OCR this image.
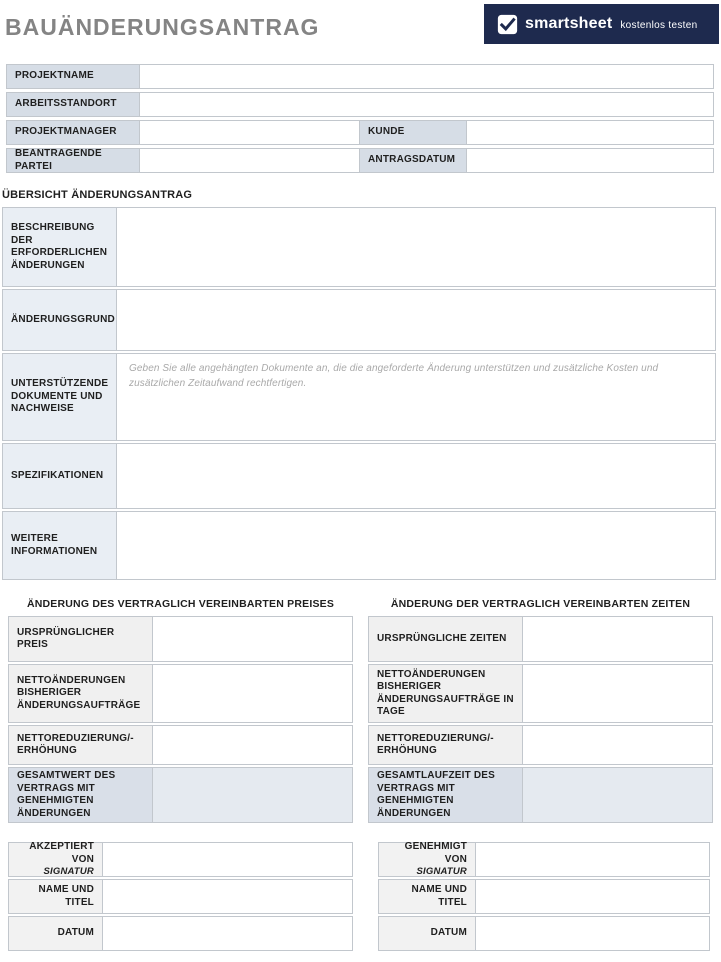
BAUÄNDERUNGSANTRAG	smartsheet kostenlos testen
PROJEKTNAME
ARBEITSSTANDORT
PROJEKTMANAGER	KUNDE
BEANTRAGENDE PARTEI
ANTRAGSDATUM
ÜBERSICHT ÄNDERUNGSANTRAG
BESCHREIBUNG DER ERFORDERLICHEN ÄNDERUNGEN
ÄNDERUNGSGRUND
UNTERSTÜTZENDE DOKUMENTE UND NACHWEISE
Geben Sie alle angehängten Dokumente an, die die angeforderte Änderung unterstützen und zusätzliche Kosten und zusätzlichen Zeitaufwand rechtfertigen.
SPEZIFIKATIONEN
WEITERE INFORMATIONEN
ÄNDERUNG DES VERTRAGLICH VEREINBARTEN PREISES
URSPRÜNGLICHER PREIS
NETTOÄNDERUNGEN BISHERIGER ÄNDERUNGSAUFTRÄGE
NETTOREDUZIERUNG/-ERHÖHUNG
GESAMTWERT DES VERTRAGS MIT GENEHMIGTEN ÄNDERUNGEN
ÄNDERUNG DER VERTRAGLICH VEREINBARTEN ZEITEN
URSPRÜNGLICHE ZEITEN
NETTOÄNDERUNGEN BISHERIGER ÄNDERUNGSAUFTRÄGE IN TAGE
NETTOREDUZIERUNG/-ERHÖHUNG
GESAMTLAUFZEIT DES VERTRAGS MIT GENEHMIGTEN ÄNDERUNGEN
AKZEPTIERT VON
SIGNATUR
NAME UND TITEL
DATUM
GENEHMIGT VON
SIGNATUR
NAME UND TITEL
DATUM
